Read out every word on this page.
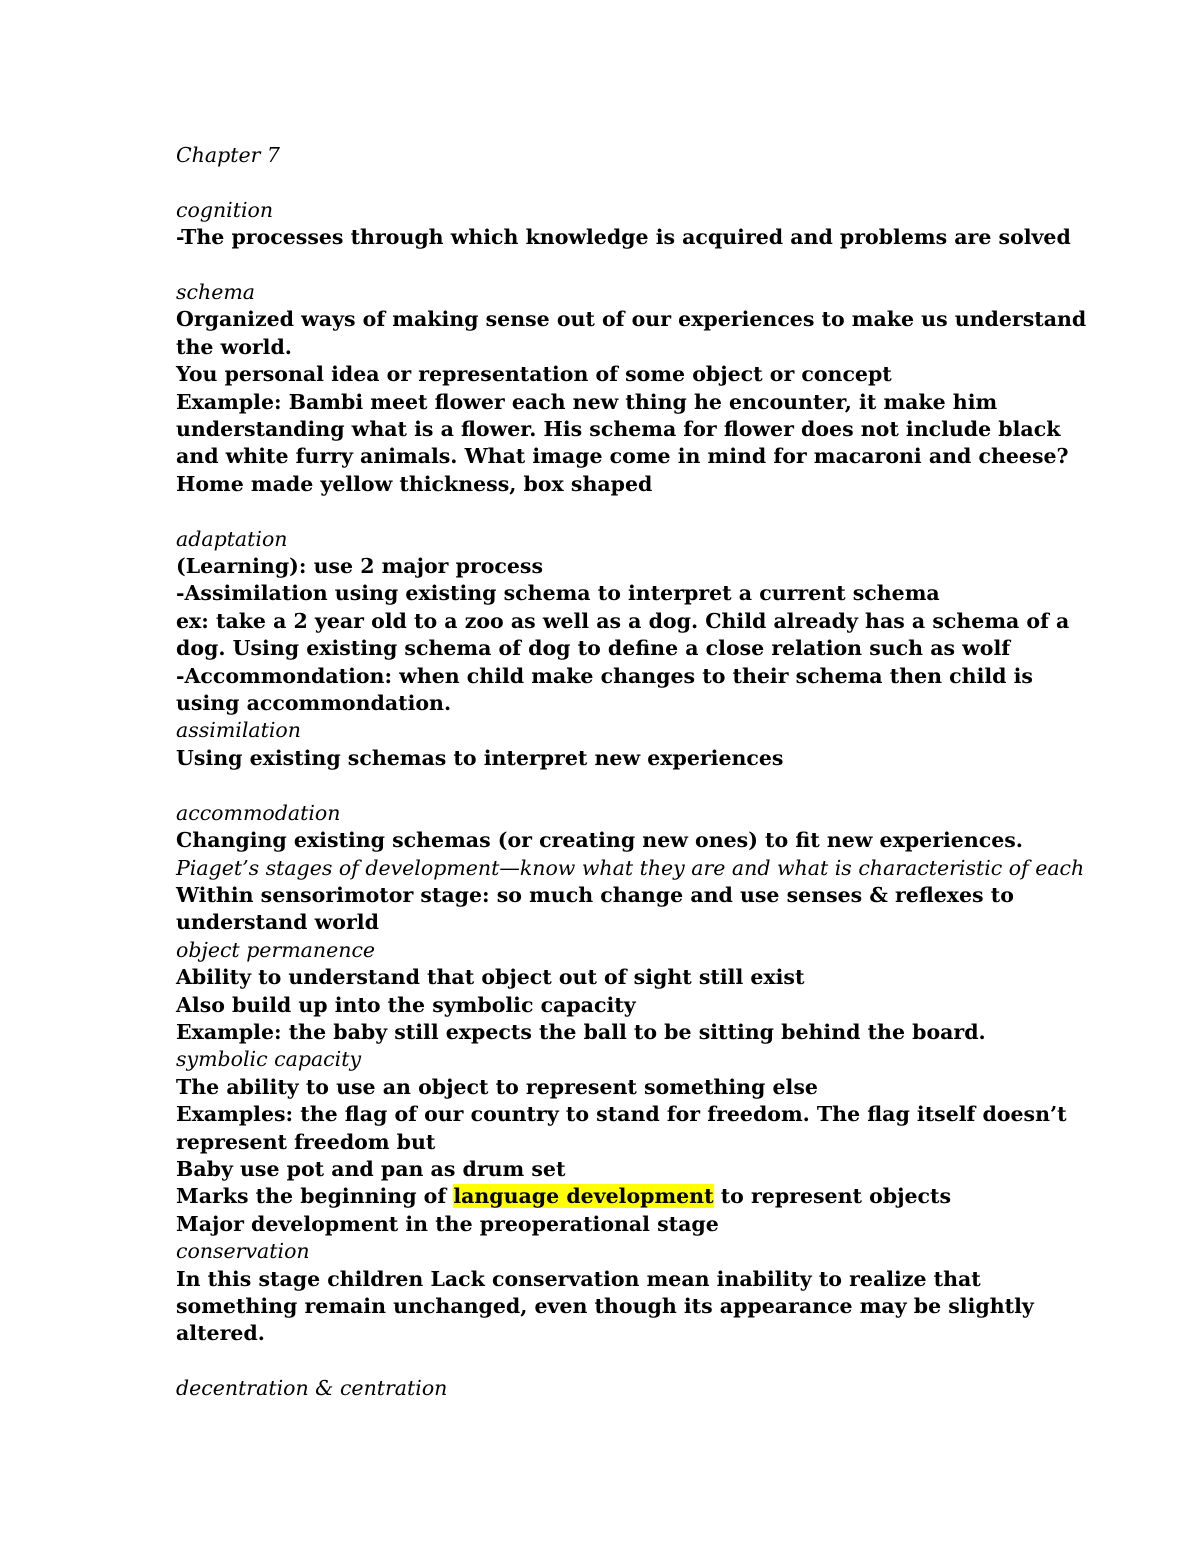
Chapter 7
cognition
-The processes through which knowledge is acquired and problems are solved
schema
Organized ways of making sense out of our experiences to make us understand
the world.
You personal idea or representation of some object or concept
Example: Bambi meet flower each new thing he encounter, it make him
understanding what is a flower. His schema for flower does not include black
and white furry animals. What image come in mind for macaroni and cheese?
Home made yellow thickness, box shaped
adaptation
(Learning): use 2 major process
-Assimilation using existing schema to interpret a current schema
ex: take a 2 year old to a zoo as well as a dog. Child already has a schema of a
dog. Using existing schema of dog to define a close relation such as wolf
-Accommondation: when child make changes to their schema then child is
using accommondation.
assimilation
Using existing schemas to interpret new experiences
accommodation
Changing existing schemas (or creating new ones) to fit new experiences.
Piaget’s stages of development—know what they are and what is characteristic of each
Within sensorimotor stage: so much change and use senses & reflexes to
understand world
object permanence
Ability to understand that object out of sight still exist
Also build up into the symbolic capacity
Example: the baby still expects the ball to be sitting behind the board.
symbolic capacity
The ability to use an object to represent something else
Examples: the flag of our country to stand for freedom. The flag itself doesn’t
represent freedom but
Baby use pot and pan as drum set
Marks the beginning of language development to represent objects
Major development in the preoperational stage
conservation
In this stage children Lack conservation mean inability to realize that
something remain unchanged, even though its appearance may be slightly
altered.
decentration & centration
